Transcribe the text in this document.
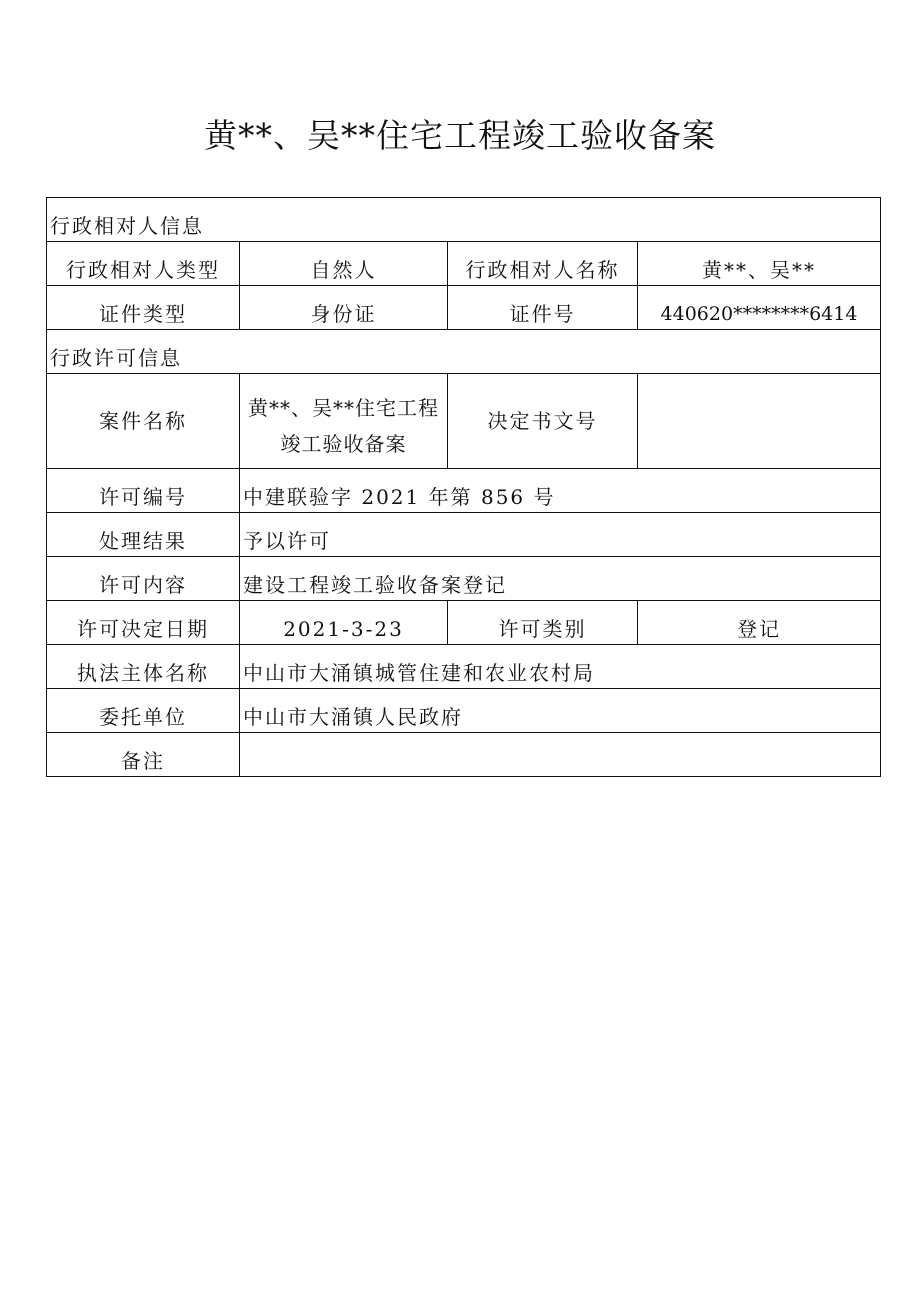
黄**、吴**住宅工程竣工验收备案
行政相对人信息			
行政相对人类型	自然人	行政相对人名称	黄**、吴**
证件类型	身份证	证件号	440620********6414
行政许可信息			
案件名称	黄**、吴**住宅工程竣工验收备案	决定书文号	
许可编号	中建联验字 2021 年第 856 号		
处理结果	予以许可		
许可内容	建设工程竣工验收备案登记		
许可决定日期	2021-3-23	许可类别	登记
执法主体名称	中山市大涌镇城管住建和农业农村局		
委托单位	中山市大涌镇人民政府		
备注			
